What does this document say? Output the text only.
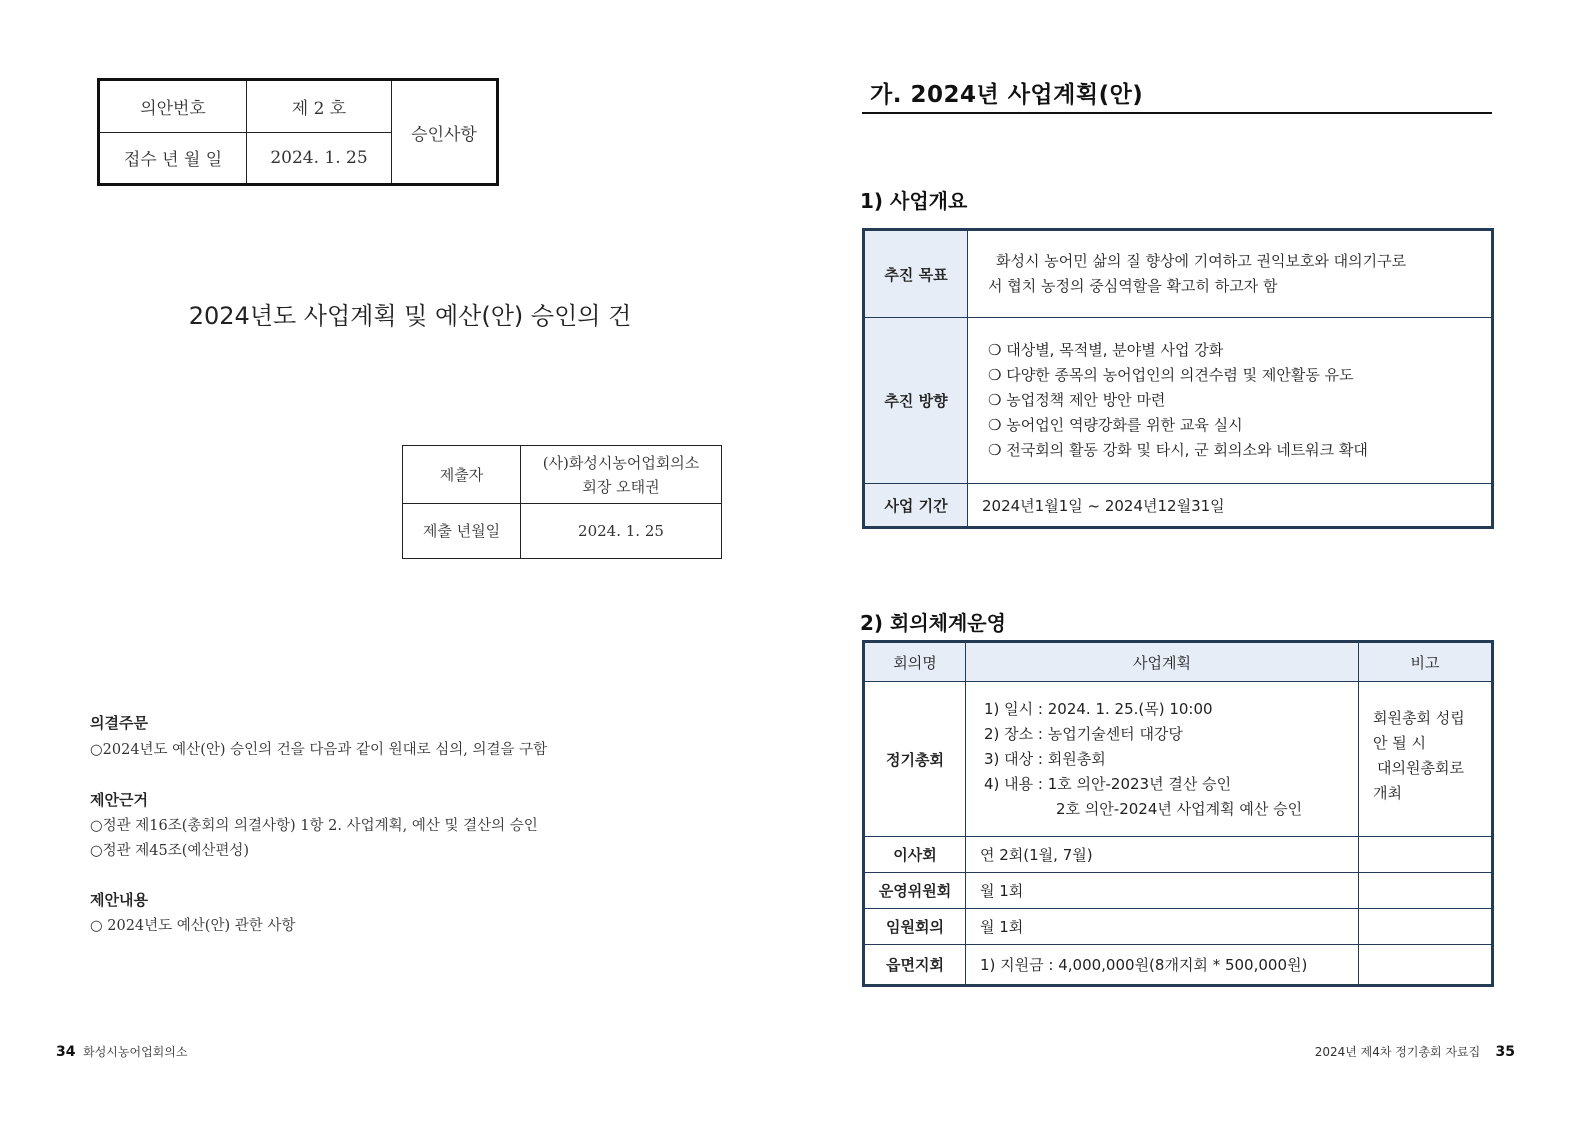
의안번호	제 2 호	승인사항
접수 년 월 일	2024. 1. 25	
2024년도 사업계획 및 예산(안) 승인의 건
제출자	(사)화성시농어업회의소
회장 오태권

제출 년월일	2024. 1. 25
의결주문
○2024년도 예산(안) 승인의 건을 다음과 같이 원대로 심의, 의결을 구함
제안근거
○정관 제16조(총회의 의결사항) 1항 2. 사업계획, 예산 및 결산의 승인
○정관 제45조(예산편성)
제안내용
○ 2024년도 예산(안) 관한 사항
34 화성시농어업회의소
가. 2024년 사업계획(안)
1) 사업개요
추진 목표	화성시 농어민 삶의 질 향상에 기여하고 권익보호와 대의기구로
서 협치 농정의 중심역할을 확고히 하고자 함

추진 방향	❍ 대상별, 목적별, 분야별 사업 강화
❍ 다양한 종목의 농어업인의 의견수렴 및 제안활동 유도
❍ 농업정책 제안 방안 마련
❍ 농어업인 역량강화를 위한 교육 실시
❍ 전국회의 활동 강화 및 타시, 군 회의소와 네트워크 확대

사업 기간	2024년1월1일 ~ 2024년12월31일
2) 회의체계운영
회의명	사업계획	비고
정기총회	1) 일시 : 2024. 1. 25.(목) 10:00
2) 장소 : 농업기술센터 대강당
3) 대상 : 회원총회
4) 내용 : 1호 의안-2023년 결산 승인
2호 의안-2024년 사업계획 예산 승인	회원총회 성립
안 될 시
대의원총회로
개최

이사회	연 2회(1월, 7월)	
운영위원회	월 1회	
임원회의	월 1회	
읍면지회	1) 지원금 : 4,000,000원(8개지회 * 500,000원)	
2024년 제4차 정기총회 자료집 35
